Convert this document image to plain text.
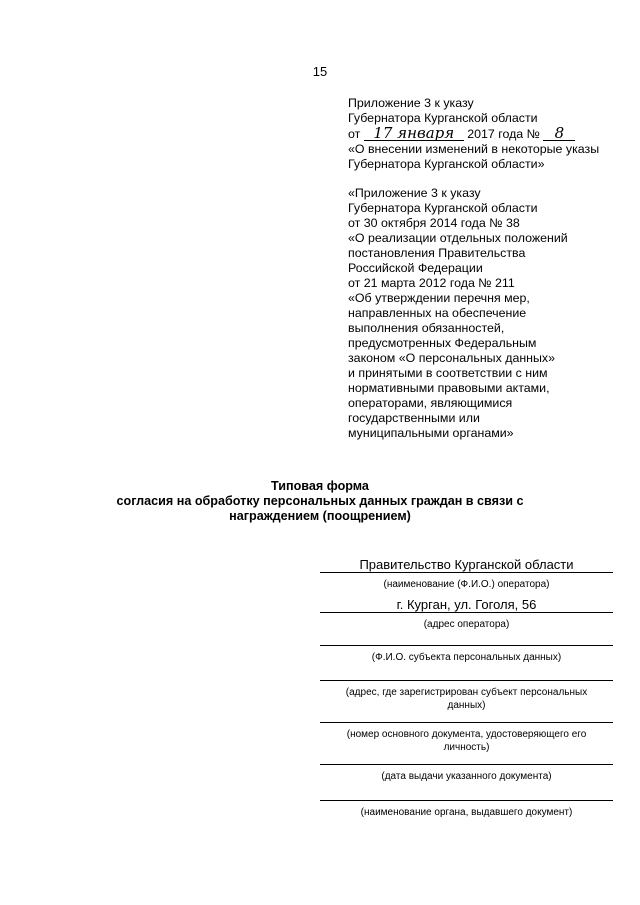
15
Приложение 3 к указу
Губернатора Курганской области
от 17 января 2017 года № 8
«О внесении изменений в некоторые указы
Губернатора Курганской области»
«Приложение 3 к указу
Губернатора Курганской области
от 30 октября 2014 года № 38
«О реализации отдельных положений
постановления Правительства
Российской Федерации
от 21 марта 2012 года № 211
«Об утверждении перечня мер,
направленных на обеспечение
выполнения обязанностей,
предусмотренных Федеральным
законом «О персональных данных»
и принятыми в соответствии с ним
нормативными правовыми актами,
операторами, являющимися
государственными или
муниципальными органами»
Типовая форма
согласия на обработку персональных данных граждан в связи с
награждением (поощрением)
Правительство Курганской области
(наименование (Ф.И.О.) оператора)
г. Курган, ул. Гоголя, 56
(адрес оператора)
(Ф.И.О. субъекта персональных данных)
(адрес, где зарегистрирован субъект персональных
данных)
(номер основного документа, удостоверяющего его
личность)
(дата выдачи указанного документа)
(наименование органа, выдавшего документ)
